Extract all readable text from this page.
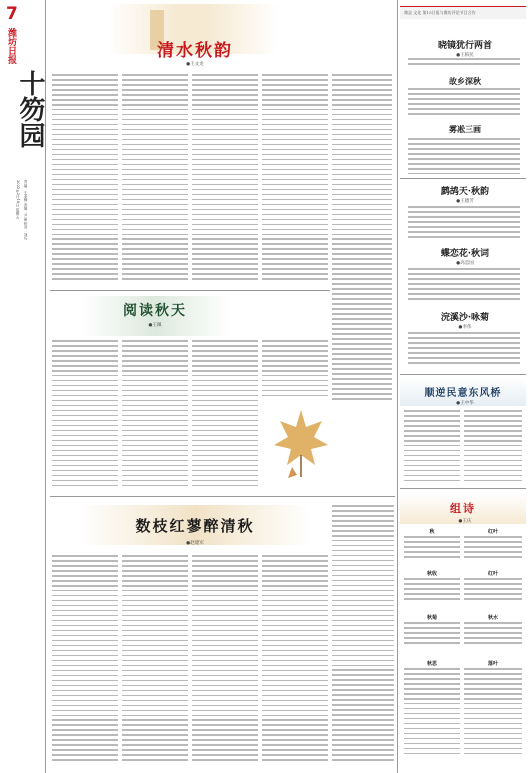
7
潍坊日报
十笏园
2022年2月18日 星期五 责编：王亚楠 美编：尹丽 校对：刘巧
清水秋韵
●王文龙
阅读秋天
●王佩
数枝红蓼醉清秋
●赵建军
潍县 文化 第15日报与潍坊评论节目合作
晓镜犹行两首
●王柏民
故乡深秋
雾凇三画
鹧鸪天·秋韵
●王德芳
蝶恋花·秋词
●高忠国
浣溪沙·咏菊
●李伟
顺逆民意东风桥
●王中华
组诗
●王庆
秋	红叶
秋收	红叶
秋菊	秋水
秋思	落叶
